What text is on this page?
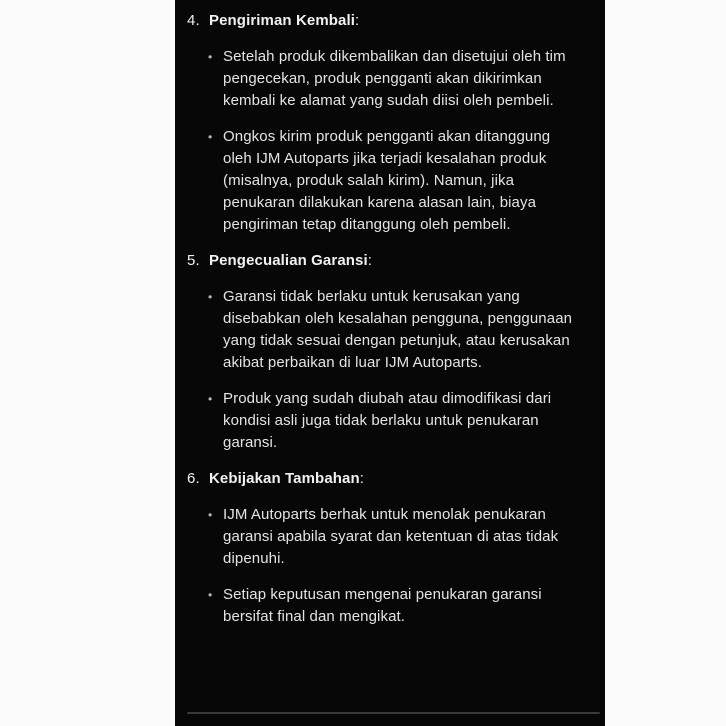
4. Pengiriman Kembali:
• Setelah produk dikembalikan dan disetujui oleh tim pengecekan, produk pengganti akan dikirimkan kembali ke alamat yang sudah diisi oleh pembeli.
• Ongkos kirim produk pengganti akan ditanggung oleh IJM Autoparts jika terjadi kesalahan produk (misalnya, produk salah kirim). Namun, jika penukaran dilakukan karena alasan lain, biaya pengiriman tetap ditanggung oleh pembeli.
5. Pengecualian Garansi:
• Garansi tidak berlaku untuk kerusakan yang disebabkan oleh kesalahan pengguna, penggunaan yang tidak sesuai dengan petunjuk, atau kerusakan akibat perbaikan di luar IJM Autoparts.
• Produk yang sudah diubah atau dimodifikasi dari kondisi asli juga tidak berlaku untuk penukaran garansi.
6. Kebijakan Tambahan:
• IJM Autoparts berhak untuk menolak penukaran garansi apabila syarat dan ketentuan di atas tidak dipenuhi.
• Setiap keputusan mengenai penukaran garansi bersifat final dan mengikat.
